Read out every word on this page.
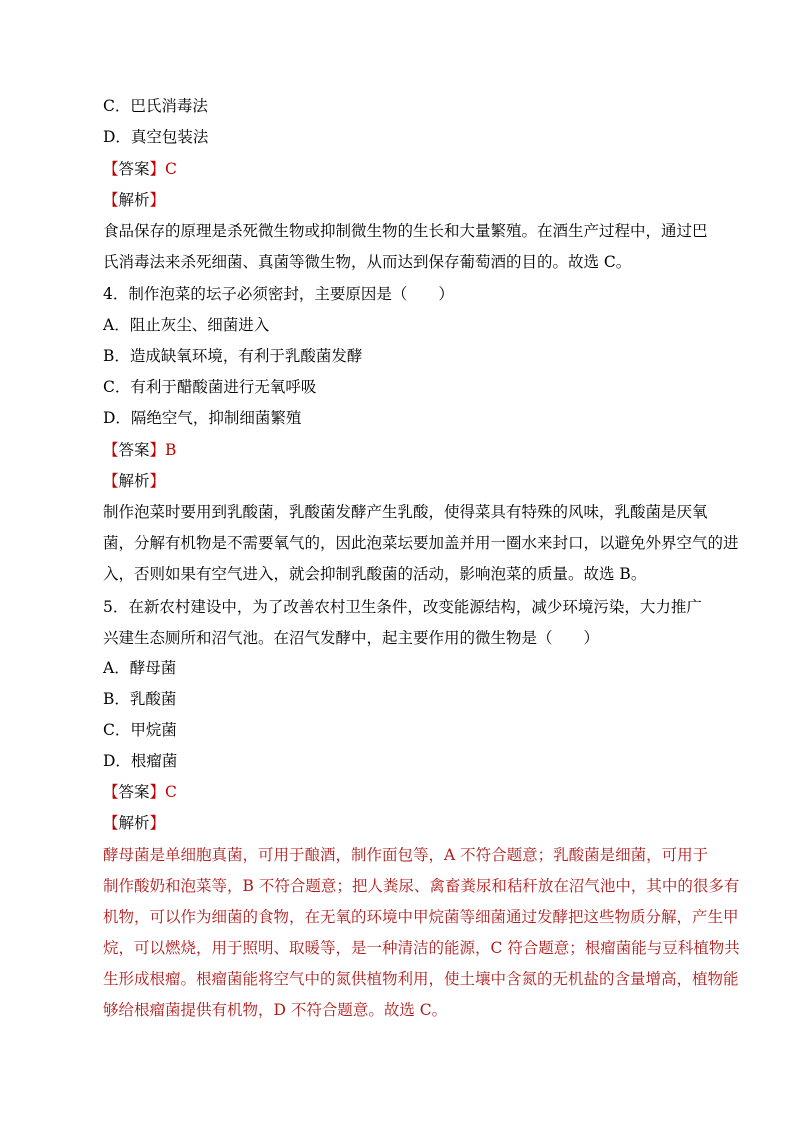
C．巴氏消毒法
D．真空包装法
【答案】C
【解析】
食品保存的原理是杀死微生物或抑制微生物的生长和大量繁殖。在酒生产过程中，通过巴
氏消毒法来杀死细菌、真菌等微生物，从而达到保存葡萄酒的目的。故选 C。
4．制作泡菜的坛子必须密封，主要原因是（　　）
A．阻止灰尘、细菌进入
B．造成缺氧环境，有利于乳酸菌发酵
C．有利于醋酸菌进行无氧呼吸
D．隔绝空气，抑制细菌繁殖
【答案】B
【解析】
制作泡菜时要用到乳酸菌，乳酸菌发酵产生乳酸，使得菜具有特殊的风味，乳酸菌是厌氧
菌，分解有机物是不需要氧气的，因此泡菜坛要加盖并用一圈水来封口，以避免外界空气的进
入，否则如果有空气进入，就会抑制乳酸菌的活动，影响泡菜的质量。故选 B。
5．在新农村建设中，为了改善农村卫生条件，改变能源结构，减少环境污染，大力推广
兴建生态厕所和沼气池。在沼气发酵中，起主要作用的微生物是（　　）
A．酵母菌
B．乳酸菌
C．甲烷菌
D．根瘤菌
【答案】C
【解析】
酵母菌是单细胞真菌，可用于酿酒，制作面包等，A 不符合题意；乳酸菌是细菌，可用于
制作酸奶和泡菜等，B 不符合题意；把人粪尿、禽畜粪尿和秸秆放在沼气池中，其中的很多有
机物，可以作为细菌的食物，在无氧的环境中甲烷菌等细菌通过发酵把这些物质分解，产生甲
烷，可以燃烧，用于照明、取暖等，是一种清洁的能源，C 符合题意；根瘤菌能与豆科植物共
生形成根瘤。根瘤菌能将空气中的氮供植物利用，使土壤中含氮的无机盐的含量增高，植物能
够给根瘤菌提供有机物，D 不符合题意。故选 C。
